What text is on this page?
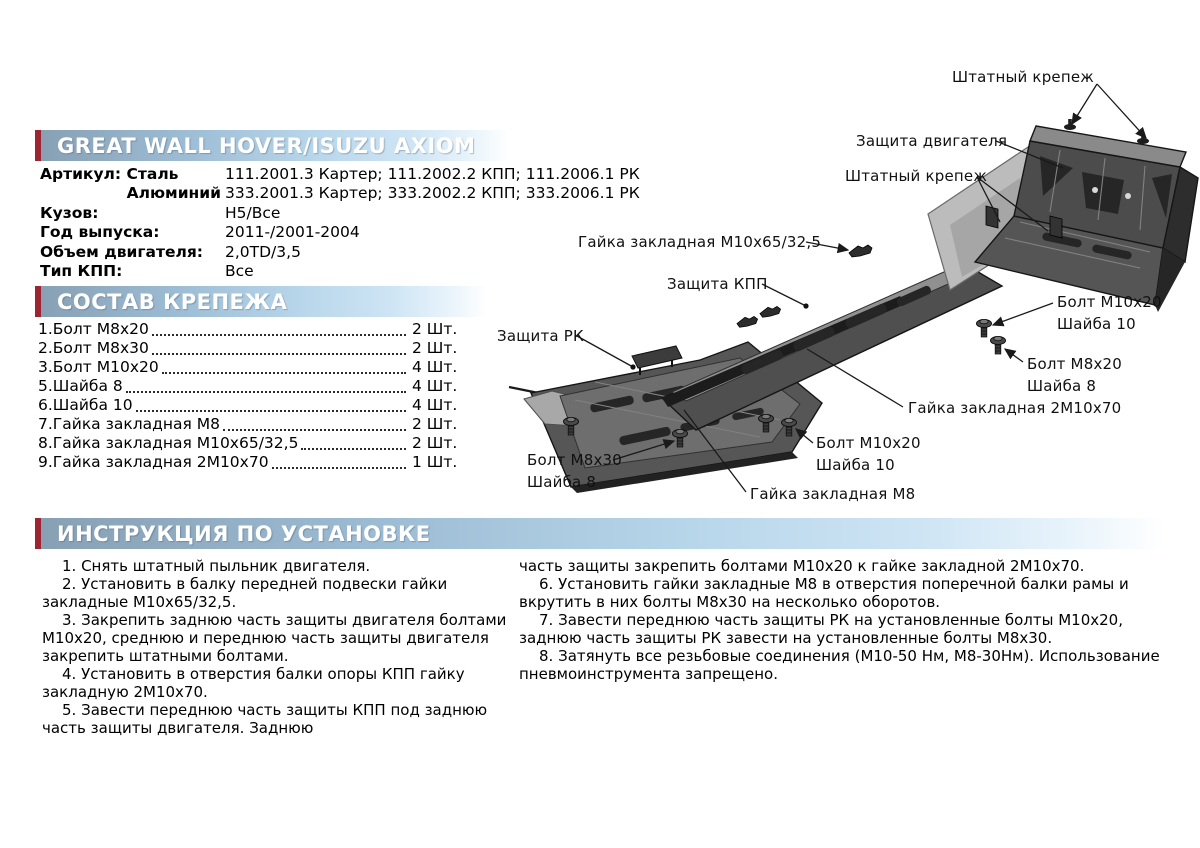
GREAT WALL HOVER/ISUZU AXIOM
Артикул: Сталь	111.2001.3 Картер; 111.2002.2 КПП; 111.2006.1 РК
Алюминий 333.2001.3 Картер; 333.2002.2 КПП; 333.2006.1 РК
Кузов:	H5/Все
Год выпуска:	2011-/2001-2004
Объем двигателя:	2,0TD/3,5
Тип КПП:	Все
СОСТАВ КРЕПЕЖА
1.Болт М8х20	2 Шт.
2.Болт М8х30	2 Шт.
3.Болт М10х20	4 Шт.
5.Шайба 8	4 Шт.
6.Шайба 10	4 Шт.
7.Гайка закладная М8	2 Шт.
8.Гайка закладная М10х65/32,5	2 Шт.
9.Гайка закладная 2М10х70	1 Шт.
ИНСТРУКЦИЯ ПО УСТАНОВКЕ

1. Снять штатный пыльник двигателя.

2. Установить в балку передней подвески гайки закладные М10х65/32,5.

3. Закрепить заднюю часть защиты двигателя болтами М10х20, среднюю и переднюю часть защиты двигателя закрепить штатными болтами.

4. Установить в отверстия балки опоры КПП гайку закладную 2М10х70.

5. Завести переднюю часть защиты КПП под заднюю часть защиты двигателя. Заднюю

часть защиты закрепить болтами М10х20 к гайке закладной 2М10х70.

6. Установить гайки закладные М8 в отверстия поперечной балки рамы и вкрутить в них болты М8х30 на несколько оборотов.

7. Завести переднюю часть защиты РК на установленные болты М10х20, заднюю часть защиты РК завести на установленные болты М8х30.

8. Затянуть все резьбовые соединения (М10-50 Нм, М8-30Нм). Использование пневмоинструмента запрещено.

Штатный крепеж
Защита двигателя
Штатный крепеж
Гайка закладная М10х65/32,5
Защита КПП
Защита РК
Болт М10х20
Шайба 10
Болт М8х20
Шайба 8
Гайка закладная 2М10х70
Болт М10х20
Шайба 10
Гайка закладная М8
Болт М8х30
Шайба 8
